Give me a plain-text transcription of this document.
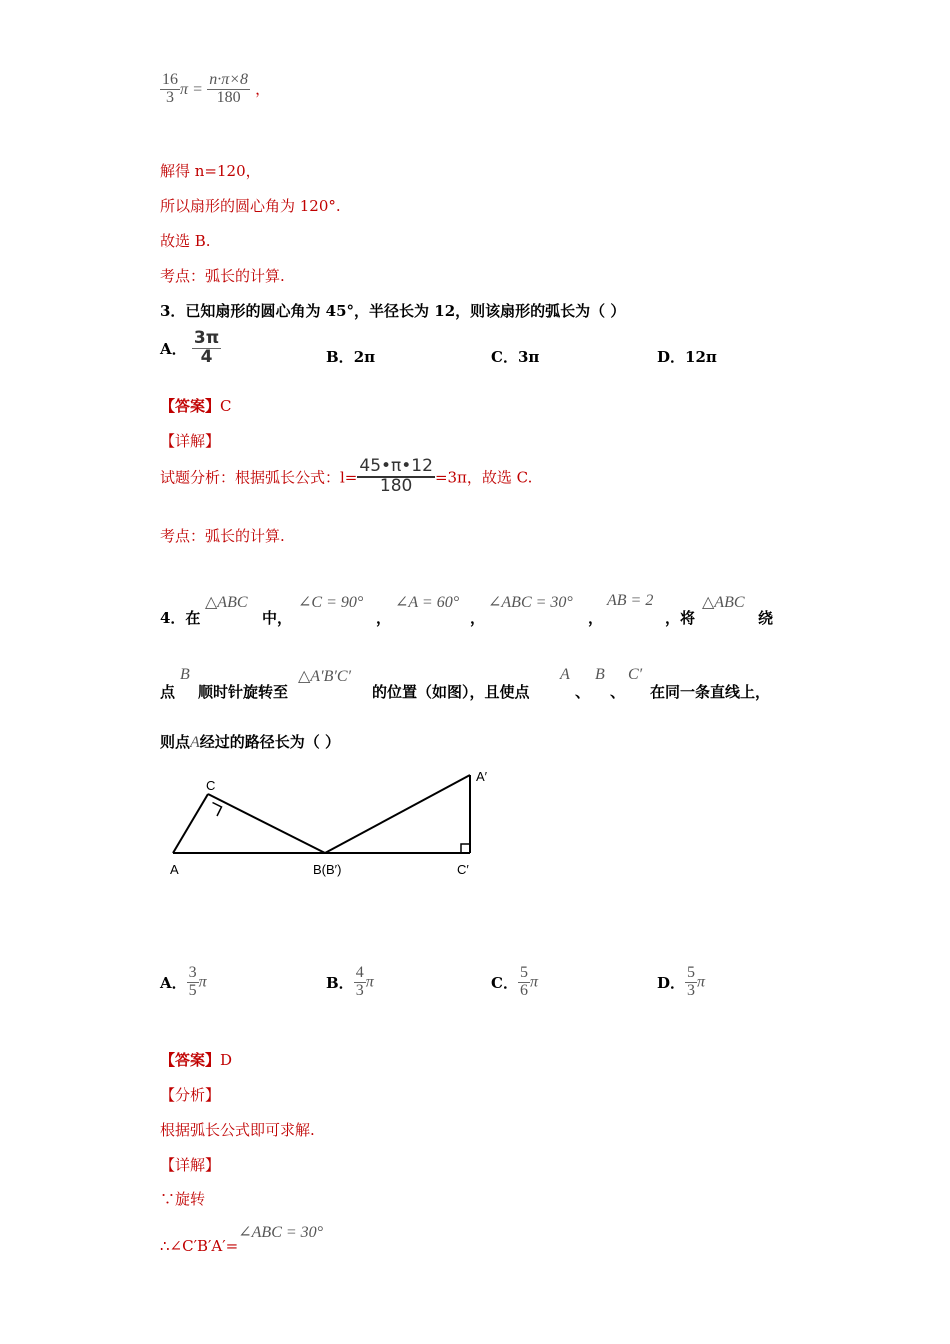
$\frac{16}{3}$ $\pi = \frac{n\cdot\pi\times 8}{180}$ ，
解得 n=120，
所以扇形的圆心角为 120°.
故选 B.
考点：弧长的计算.
3．已知扇形的圆心角为 45°，半径长为 12，则该扇形的弧长为（ ）
A． $\frac{3\pi}{4}$	B．2π	C．3π	D．12π
【答案】C
【详解】
试题分析：根据弧长公式：$l= \frac{45•\pi•12}{180} =3\pi$，故选 C.
考点：弧长的计算.
4．在
△ABC
中，
∠C = 90°
，
∠A = 60°
，
∠ABC = 30°
，
AB = 2
，将
△ABC
绕
点
B
顺时针旋转至
△A′B′C′
的位置（如图），且使点
A
、
B
、
C′
在同一条直线上，
则点A经过的路径长为（ ）
A
C
B(B′)	C′
A′
A． $\frac{3}{5}$ π	B． $\frac{4}{3}$ π	C． $\frac{5}{6}$ π	D． $\frac{5}{3}$ π
【答案】D
【分析】
根据弧长公式即可求解.
【详解】
∵旋转
∴∠C′B′A′=∠ABC = 30°
